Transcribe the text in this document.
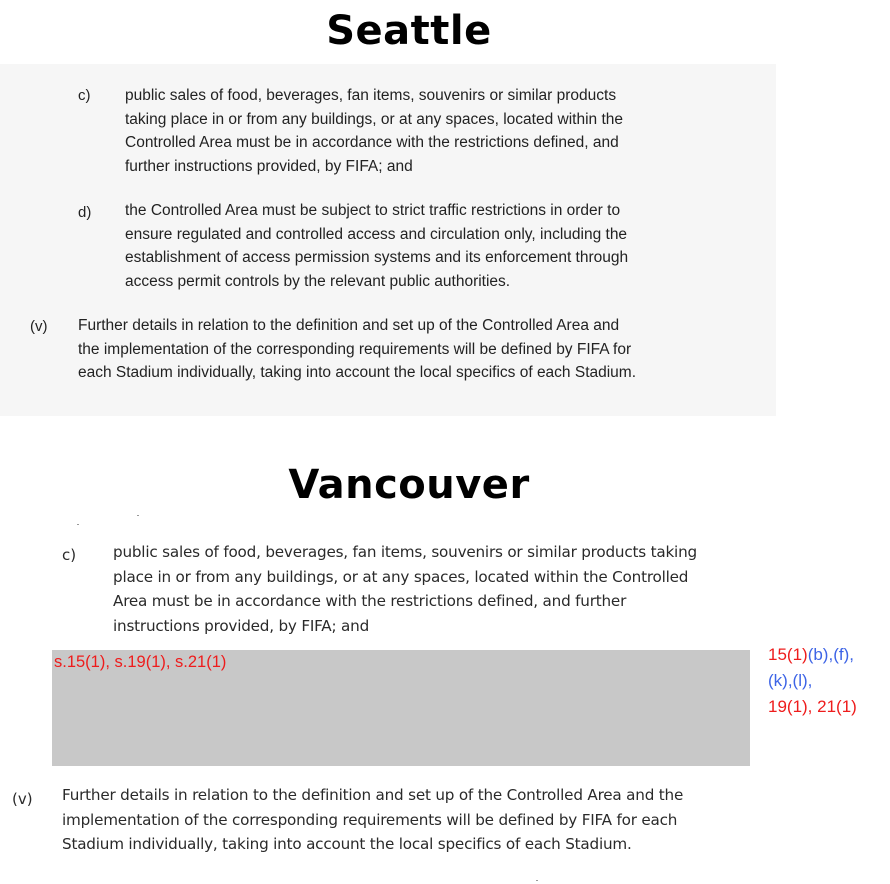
Seattle
c) public sales of food, beverages, fan items, souvenirs or similar products
taking place in or from any buildings, or at any spaces, located within the
Controlled Area must be in accordance with the restrictions defined, and
further instructions provided, by FIFA; and
d) the Controlled Area must be subject to strict traffic restrictions in order to
ensure regulated and controlled access and circulation only, including the
establishment of access permission systems and its enforcement through
access permit controls by the relevant public authorities.
(v) Further details in relation to the definition and set up of the Controlled Area and
the implementation of the corresponding requirements will be defined by FIFA for
each Stadium individually, taking into account the local specifics of each Stadium.
Vancouver
c) public sales of food, beverages, fan items, souvenirs or similar products taking
place in or from any buildings, or at any spaces, located within the Controlled
Area must be in accordance with the restrictions defined, and further
instructions provided, by FIFA; and
s.15(1), s.19(1), s.21(1)	15(1)(b),(f),
(k),(l),
19(1), 21(1)
(v) Further details in relation to the definition and set up of the Controlled Area and the
implementation of the corresponding requirements will be defined by FIFA for each
Stadium individually, taking into account the local specifics of each Stadium.
